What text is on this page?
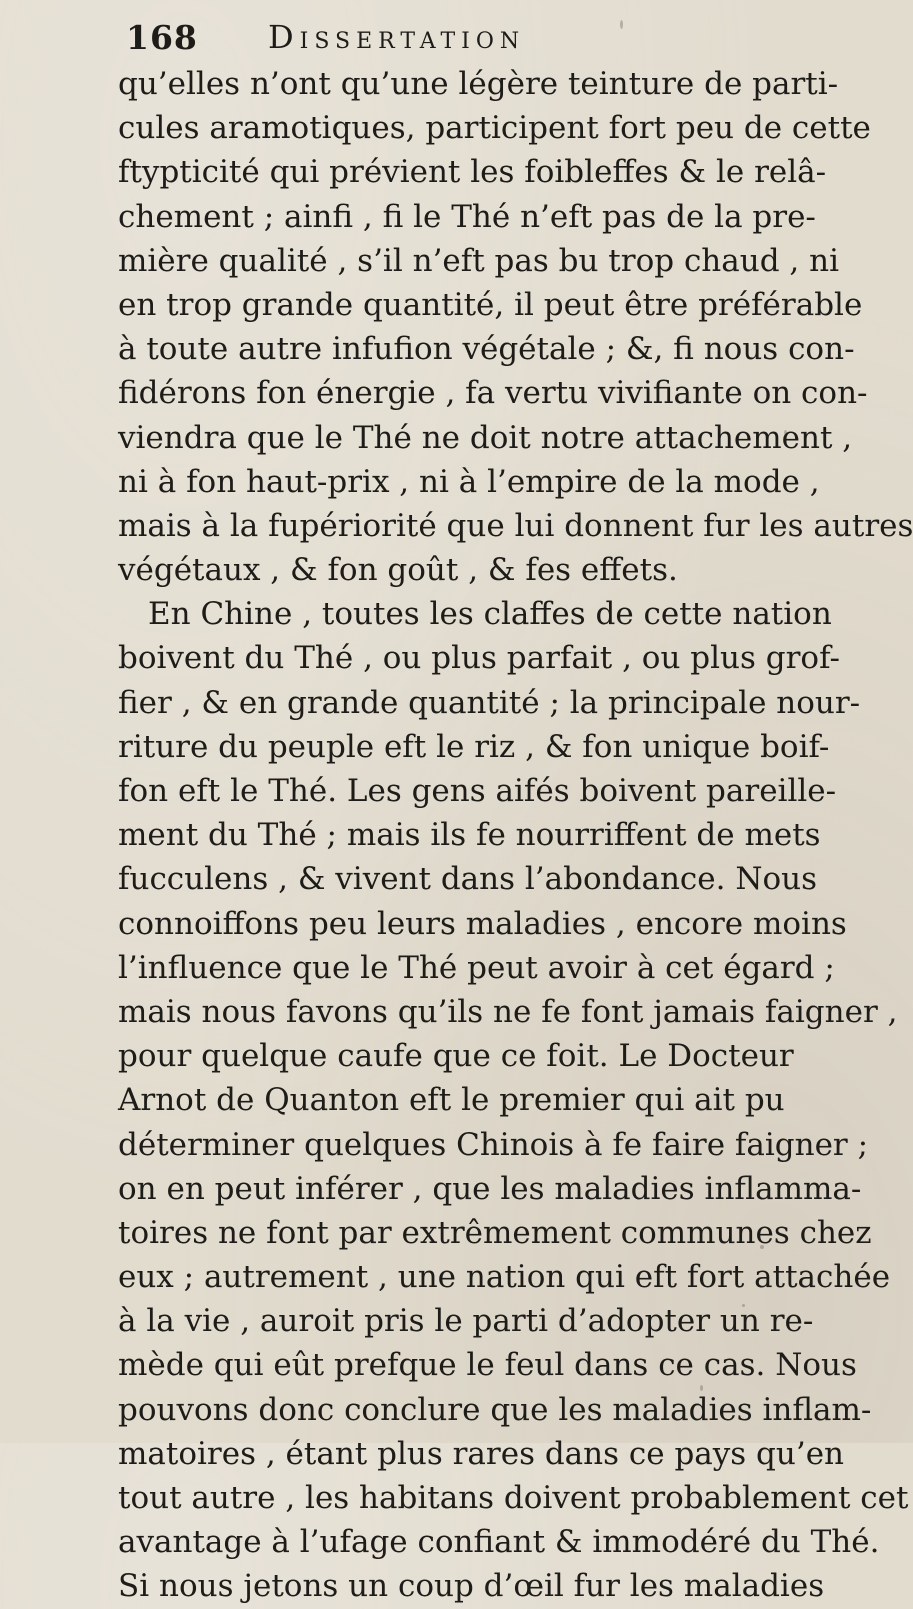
168 Dissertation
qu’elles n’ont qu’une légère teinture de parti-
cules aramotiques, participent fort peu de cette
ftypticité qui prévient les foibleffes & le relâ-
chement ; ainfi , fi le Thé n’eft pas de la pre-
mière qualité , s’il n’eft pas bu trop chaud , ni
en trop grande quantité, il peut être préférable
à toute autre infufion végétale ; &, fi nous con-
fidérons fon énergie , fa vertu vivifiante on con-
viendra que le Thé ne doit notre attachement ,
ni à fon haut-prix , ni à l’empire de la mode ,
mais à la fupériorité que lui donnent fur les autres
végétaux , & fon goût , & fes effets.
En Chine , toutes les claffes de cette nation
boivent du Thé , ou plus parfait , ou plus grof-
fier , & en grande quantité ; la principale nour-
riture du peuple eft le riz , & fon unique boif-
fon eft le Thé. Les gens aifés boivent pareille-
ment du Thé ; mais ils fe nourriffent de mets
fucculens , & vivent dans l’abondance. Nous
connoiffons peu leurs maladies , encore moins
l’influence que le Thé peut avoir à cet égard ;
mais nous favons qu’ils ne fe font jamais faigner ,
pour quelque caufe que ce foit. Le Docteur
Arnot de Quanton eft le premier qui ait pu
déterminer quelques Chinois à fe faire faigner ;
on en peut inférer , que les maladies inflamma-
toires ne font par extrêmement communes chez
eux ; autrement , une nation qui eft fort attachée
à la vie , auroit pris le parti d’adopter un re-
mède qui eût prefque le feul dans ce cas. Nous
pouvons donc conclure que les maladies inflam-
matoires , étant plus rares dans ce pays qu’en
tout autre , les habitans doivent probablement cet
avantage à l’ufage confiant & immodéré du Thé.
Si nous jetons un coup d’œil fur les maladies
